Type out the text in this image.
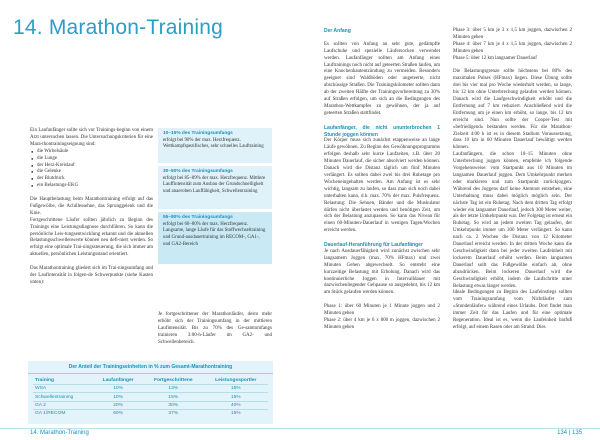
14. Marathon-Training

Ein Laufanfänger sollte sich vor Trainings-beginn von einem Arzt untersuchen lassen. Die Untersuchungskriterien für eine Mara-thontrainingseignung sind:

● die Wirbelsäule
● die Lunge
● der Herz-Kreislauf
● die Gelenke
● der Blutdruck
● ein Belastungs-EKG

Die Hauptbelastung beim Marathontraining erfolgt auf das Fußgewölbe, die Achillessehne, das Sprunggelenk und die Knie.

Fortgeschrittene Läufer sollten jährlich zu Beginn des Trainings eine Leistungsdiagnose durchführen. So kann die persönliche Leis-tungsentwicklung erkannt und die aktuellen Belastungsschwellenwerte können neu defi-niert werden. So erfolgt eine optimale Trai-ningssteuerung, die sich immer am aktuellen, persönlichen Leistungsstand orientiert.

Das Marathontraining gliedert sich im Trai-ningsumfang und der Laufintensität in folgen-de Schwerpunkte (siehe Kasten unten):

10–15% des Trainingsumfangs
erfolgt bei 90% der max. Herzfrequenz. Wettkampfspezifisches, sehr schnelles Lauftraining
30–50% des Trainingsumfangs
erfolgt bei 85–89% der max. Herzfrequenz. Mittlere Lauffintensität zum Ausbau der Grundschnelligkeit und anaeroben Lauffähigkeit, Schwellentraining
55–80% des Trainingsumfangs
erfolgt bei 60–80% der max. Herzfrequenz. Langsame, lange Läufe für das Stoffwechseltraining und Grund-ausdauertraining im RECOM-, GA1-, und GA2-Bereich

Je fortgeschrittener der Marathonläufer, desto mehr erhöht sich der Trainingsumfang in der mittleren Laufintensität. Bis zu 70% des Ge-samtumfangs trainieren 3:00-h-Läufer im GA2- und Schwellenbereich.

Der Anteil der Trainingseinheiten in % zum Gesamt-Marathontraining
Training	Laufanfänger	Fortgeschrittene	Leistungssportler
WSA	10%	13%	15%
Schwellentraining	10%	15%	15%
GA 2	20%	30%	40%
GA 1/RECOM	60%	37%	15%

Der Anfang

Es sollten von Anfang an sehr gute, gedämpfte Laufschuhe und spezielle Läufersocken verwendet werden. Laufanfänger sollten am Anfang eines Lauftrainings noch nicht auf geteerten Straßen laufen, um eine Knochenhautentzündung zu vermeiden. Besonders geeignet sind Waldböden oder ungeteerte, nicht abschüssige Straßen. Die Trainingskilometer sollten dann ab der zweiten Hälfte der Trainingsvorbereitung zu 30% auf Straßen erfolgen, um sich an die Bedingungen des Marathon-Wettkampfes zu gewöhnen, der ja auf geteerten Straßen stattfindet.

Laufanfänger, die nicht ununterbrochen 1 Stunde joggen können

Der Körper muss sich zunächst etappenweise an lange Läufe gewöhnen. Zu Beginn des Gewöhnungsprogramms erfolgen deshalb sehr kurze Laufzeiten, z.B. über 20 Minuten Dauerlauf, die sicher absolviert werden können. Danach wird die Distanz täglich um fünf Minuten verlängert. Es sollten dabei zwei bis drei Ruhetage pro Wocheneingehalten werden. Am Anfang ist es sehr wichtig, langsam zu laufen, so dass man sich noch dabei unterhalten kann, d.h. max. 70% der max. Pulsfrequenz. Belastung: Die Sehnen, Bänder und die Muskulatur dürfen nicht überlastet werden und benötigen Zeit, um sich der Belastung anzupassen. So kann das Niveau für einen 60-Minuten-Dauerlauf in wenigen Tagen/Wochen erreicht werden.

Dauerlauf-Heranführung für Laufanfänger

Je nach Ausdauerfähigkeit wird zunächst zwischen sehr langsamem Joggen (max. 70% HFmax) und zwei Minuten Gehen abgewechselt. So entsteht eine kurzzeitige Belastung mit Erholung. Danach wird das kontinuierliche Joggen in Intervalldauer mit dazwischenliegender Gehpause so ausgedehnt, bis 12 km am Stück gelaufen werden können.

Phase 1: über 60 Minuten je 1 Minute joggen und 2 Minuten gehen

Phase 2: über 4 km je 6 x 800 m joggen, dazwischen 2 Minuten gehen

Phase 3: über 5 km je 3 x 1,5 km joggen, dazwischen 2 Minuten gehen

Phase 4: über 7 km je 4 x 1,5 km joggen, dazwischen 2 Minuten gehen

Phase 5: über 12 km langsamer Dauerlauf

Die Belastungsgrenze sollte höchstens bei 80% des maximalen Pulses (HFmax) liegen. Diese Übung sollte drei bis vier mal pro Woche wiederholt werden, so lange, bis 12 km ohne Unterbrechung gelaufen werden können. Danach wird die Laufgeschwindigkeit erhöht und die Entfernung auf 7 km reduziert. Anschließend wird die Entfernung um je einen km erhöht, so lange, bis 12 km erreicht sind. Nun sollte der Cooper-Test mit »befriedigend« bestanden werden. Für die Marathon-Zielzeit 4:00 h ist es in diesem Stadium Voraussetzung, dass 10 km in 60 Minuten Dauerlauf bewältigt werden können.

Laufanfängern, die schon 10–15 Minuten ohne Unterbrechung joggen können, empfehle ich folgende Vorgehensweise: vom Startpunkt aus 10 Minuten im langsamen Dauerlauf joggen. Dem Umkehrpunkt merken oder markieren und zum Startpunkt zurückjoggen. Während des Joggens darf keine Atemnot entstehen, eine Unterhaltung muss dabei möglich möglich sein. Der nächste Tag ist ein Ruhetag. Nach dem dritten Tag erfolgt wieder ein langsamer Dauerlauf, jedoch 300 Meter weiter, als der letzte Umkehrpunkt war. Der Folgetag ist erneut ein Ruhetag. So wird an jedem zweiten Tag gelaufen, der Umkehrpunkt immer um 300 Meter verlängert. So kann nach ca. 2 Wochen die Distanz von 12 Kilometer Dauerlauf erreicht werden. In der dritten Woche kann die Geschwindigkeit dann bei jeder zweiten Laufeinheit mit lockerem Dauerlauf erhöht werden. Beim langsamen Dauerlauf sollt das Fußgewölbe einfach ab, ohne abzudrücken. Beim lockeren Dauerlauf wird die Geschwindigkeit erhöht, indem die Laufschritte unter Belastung etwas länger werden.

Ideale Bedingungen zu Beginn des Laufeinstiegs sollten vom Trainingsumfang vom Nichtläufer zum »Stundenläufer« während eines Urlaubs. Dort findet man immer Zeit für das Laufen und für eine optimale Regeneration. Ideal ist es, wenn die Laufeinheit barfuß erfolgt, auf einem Rasen oder am Strand. Dies

14. Marathon-Training	134 | 135
